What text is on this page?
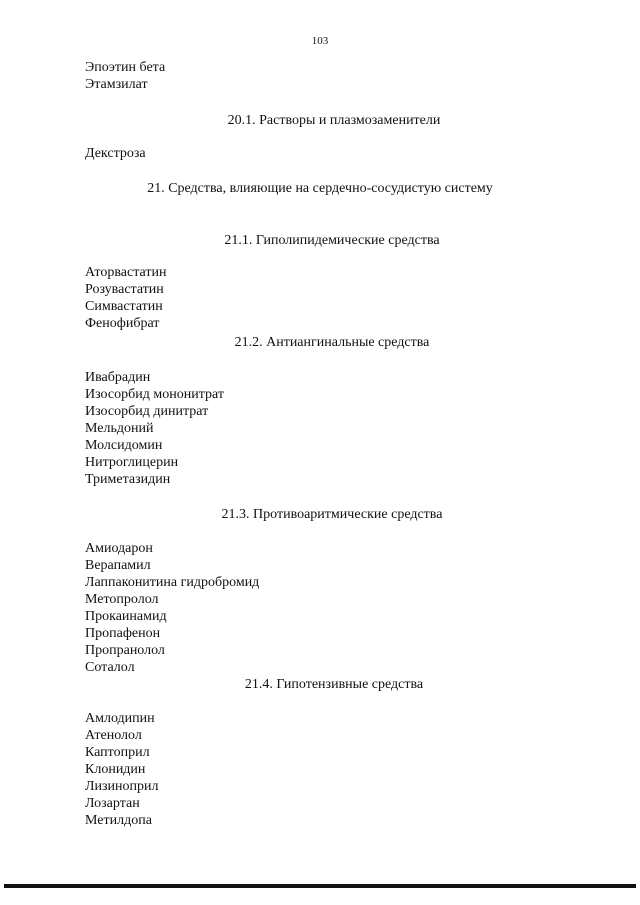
103
Эпоэтин бета
Этамзилат
20.1. Растворы и плазмозаменители
Декстроза
21. Средства, влияющие на сердечно-сосудистую систему
21.1. Гиполипидемические средства
Аторвастатин
Розувастатин
Симвастатин
Фенофибрат
21.2. Антиангинальные средства
Ивабрадин
Изосорбид мононитрат
Изосорбид динитрат
Мельдоний
Молсидомин
Нитроглицерин
Триметазидин
21.3. Противоаритмические средства
Амиодарон
Верапамил
Лаппаконитина гидробромид
Метопролол
Прокаинамид
Пропафенон
Пропранолол
Соталол
21.4. Гипотензивные средства
Амлодипин
Атенолол
Каптоприл
Клонидин
Лизиноприл
Лозартан
Метилдопа
